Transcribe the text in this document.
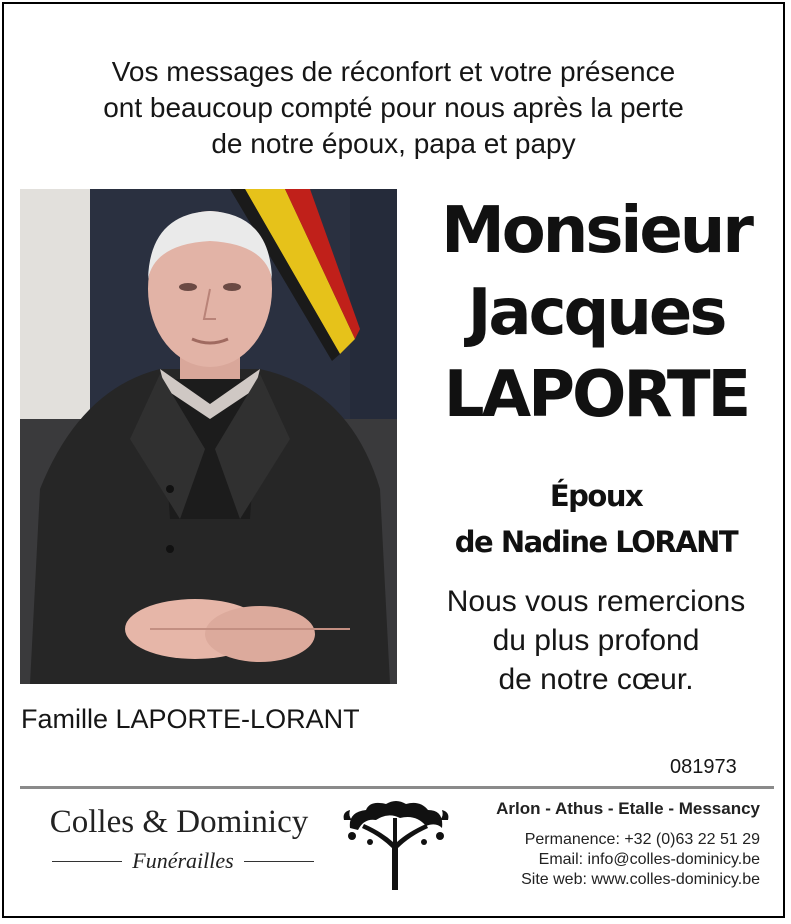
Vos messages de réconfort et votre présence
ont beaucoup compté pour nous après la perte
de notre époux, papa et papy
Monsieur
Jacques
LAPORTE
Époux
de Nadine LORANT
Nous vous remercions
du plus profond
de notre cœur.
Famille LAPORTE-LORANT
081973
Colles & Dominicy
Funérailles
Arlon - Athus - Etalle - Messancy
Permanence: +32 (0)63 22 51 29
Email: info@colles-dominicy.be
Site web: www.colles-dominicy.be
